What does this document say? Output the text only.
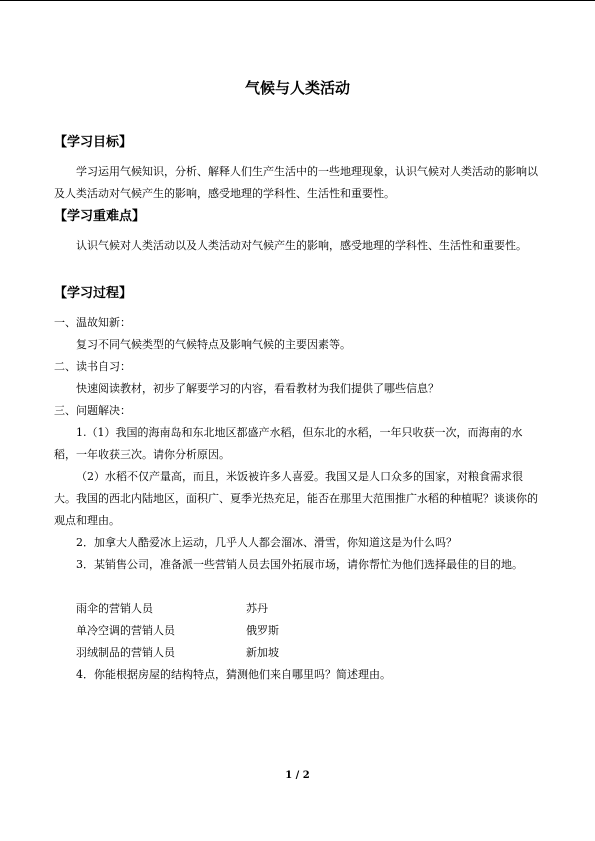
气候与人类活动
【学习目标】

学习运用气候知识，分析、解释人们生产生活中的一些地理现象，认识气候对人类活动的影响以及人类活动对气候产生的影响，感受地理的学科性、生活性和重要性。

【学习重难点】

认识气候对人类活动以及人类活动对气候产生的影响，感受地理的学科性、生活性和重要性。

【学习过程】
一、温故知新：
复习不同气候类型的气候特点及影响气候的主要因素等。
二、读书自习：
快速阅读教材，初步了解要学习的内容，看看教材为我们提供了哪些信息？
三、问题解决：

1.（1）我国的海南岛和东北地区都盛产水稻，但东北的水稻，一年只收获一次，而海南的水稻，一年收获三次。请你分析原因。

（2）水稻不仅产量高，而且，米饭被许多人喜爱。我国又是人口众多的国家，对粮食需求很大。我国的西北内陆地区，面积广、夏季光热充足，能否在那里大范围推广水稻的种植呢？谈谈你的观点和理由。

2．加拿大人酷爱冰上运动，几乎人人都会溜冰、滑雪，你知道这是为什么吗？

3．某销售公司，准备派一些营销人员去国外拓展市场，请你帮忙为他们选择最佳的目的地。

雨伞的营销人员	苏丹
单冷空调的营销人员	俄罗斯
羽绒制品的营销人员	新加坡
4．你能根据房屋的结构特点，猜测他们来自哪里吗？简述理由。
1 / 2
